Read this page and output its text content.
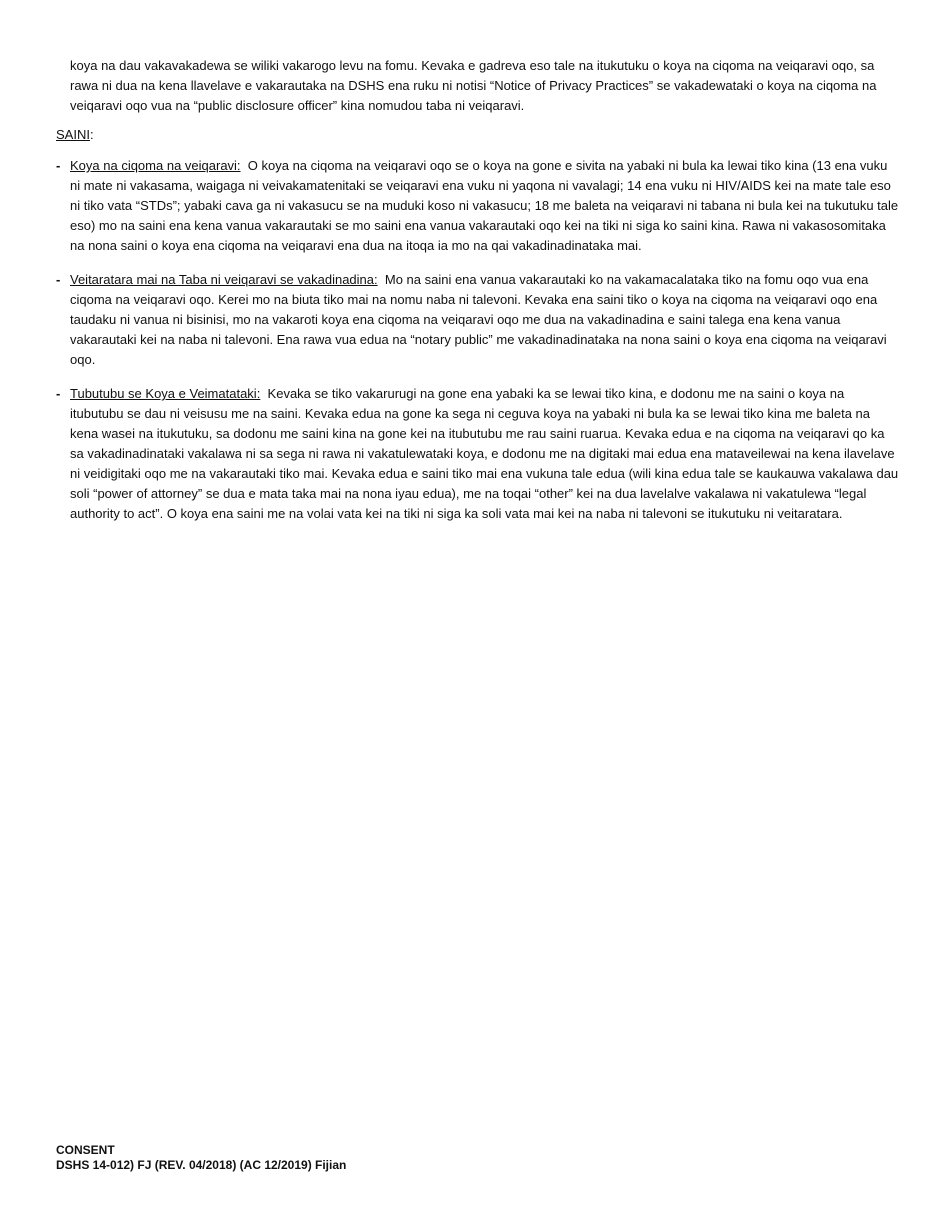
koya na dau vakavakadewa se wiliki vakarogo levu na fomu. Kevaka e gadreva eso tale na itukutuku o koya na ciqoma na veiqaravi oqo, sa rawa ni dua na kena llavelave e vakarautaka na DSHS ena ruku ni notisi “Notice of Privacy Practices” se vakadewataki o koya na ciqoma na veiqaravi oqo vua na “public disclosure officer” kina nomudou taba ni veiqaravi.

SAINI:

- Koya na ciqoma na veiqaravi: O koya na ciqoma na veiqaravi oqo se o koya na gone e sivita na yabaki ni bula ka lewai tiko kina (13 ena vuku ni mate ni vakasama, waigaga ni veivakamatenitaki se veiqaravi ena vuku ni yaqona ni vavalagi; 14 ena vuku ni HIV/AIDS kei na mate tale eso ni tiko vata “STDs”; yabaki cava ga ni vakasucu se na muduki koso ni vakasucu; 18 me baleta na veiqaravi ni tabana ni bula kei na tukutuku tale eso) mo na saini ena kena vanua vakarautaki se mo saini ena vanua vakarautaki oqo kei na tiki ni siga ko saini kina. Rawa ni vakasosomitaka na nona saini o koya ena ciqoma na veiqaravi ena dua na itoqa ia mo na qai vakadinadinataka mai.
- Veitaratara mai na Taba ni veiqaravi se vakadinadina: Mo na saini ena vanua vakarautaki ko na vakamacalataka tiko na fomu oqo vua ena ciqoma na veiqaravi oqo. Kerei mo na biuta tiko mai na nomu naba ni talevoni. Kevaka ena saini tiko o koya na ciqoma na veiqaravi oqo ena taudaku ni vanua ni bisinisi, mo na vakaroti koya ena ciqoma na veiqaravi oqo me dua na vakadinadina e saini talega ena kena vanua vakarautaki kei na naba ni talevoni. Ena rawa vua edua na “notary public” me vakadinadinataka na nona saini o koya ena ciqoma na veiqaravi oqo.
- Tubutubu se Koya e Veimatataki: Kevaka se tiko vakarurugi na gone ena yabaki ka se lewai tiko kina, e dodonu me na saini o koya na itubutubu se dau ni veisusu me na saini. Kevaka edua na gone ka sega ni ceguva koya na yabaki ni bula ka se lewai tiko kina me baleta na kena wasei na itukutuku, sa dodonu me saini kina na gone kei na itubutubu me rau saini ruarua. Kevaka edua e na ciqoma na veiqaravi qo ka sa vakadinadinataki vakalawa ni sa sega ni rawa ni vakatulewataki koya, e dodonu me na digitaki mai edua ena mataveilewai na kena ilavelave ni veidigitaki oqo me na vakarautaki tiko mai. Kevaka edua e saini tiko mai ena vukuna tale edua (wili kina edua tale se kaukauwa vakalawa dau soli “power of attorney” se dua e mata taka mai na nona iyau edua), me na toqai “other” kei na dua lavelalve vakalawa ni vakatulewa “legal authority to act”. O koya ena saini me na volai vata kei na tiki ni siga ka soli vata mai kei na naba ni talevoni se itukutuku ni veitaratara.
CONSENT
DSHS 14-012) FJ (REV. 04/2018) (AC 12/2019) Fijian
